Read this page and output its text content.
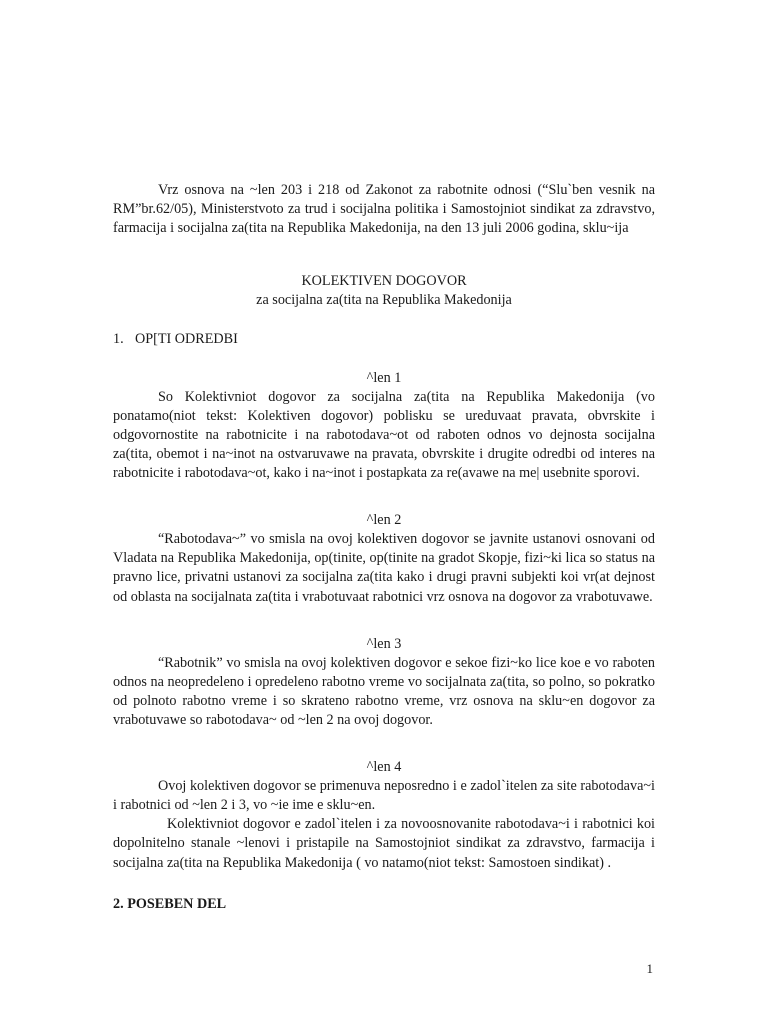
Vrz osnova na ~len 203 i 218 od Zakonot za rabotnite odnosi (“Slu`ben vesnik na RM”br.62/05), Ministerstvoto za trud i socijalna politika i Samostojniot sindikat za zdravstvo, farmacija i socijalna za(tita na Republika Makedonija, na den 13 juli 2006 godina, sklu~ija

KOLEKTIVEN DOGOVOR

za socijalna za(tita na Republika Makedonija

1. OP[TI ODREDBI

^len 1

So Kolektivniot dogovor za socijalna za(tita na Republika Makedonija (vo ponatamo(niot tekst: Kolektiven dogovor) poblisku se ureduvaat pravata, obvrskite i odgovornostite na rabotnicite i na rabotodava~ot od raboten odnos vo dejnosta socijalna za(tita, obemot i na~inot na ostvaruvawe na pravata, obvrskite i drugite odredbi od interes na rabotnicite i rabotodava~ot, kako i na~inot i postapkata za re(avawe na me| usebnite sporovi.

^len 2

“Rabotodava~” vo smisla na ovoj kolektiven dogovor se javnite ustanovi osnovani od Vladata na Republika Makedonija, op(tinite, op(tinite na gradot Skopje, fizi~ki lica so status na pravno lice, privatni ustanovi za socijalna za(tita kako i drugi pravni subjekti koi vr(at dejnost od oblasta na socijalnata za(tita i vrabotuvaat rabotnici vrz osnova na dogovor za vrabotuvawe.

^len 3

“Rabotnik” vo smisla na ovoj kolektiven dogovor e sekoe fizi~ko lice koe e vo raboten odnos na neopredeleno i opredeleno rabotno vreme vo socijalnata za(tita, so polno, so pokratko od polnoto rabotno vreme i so skrateno rabotno vreme, vrz osnova na sklu~en dogovor za vrabotuvawe so rabotodava~ od ~len 2 na ovoj dogovor.

^len 4

Ovoj kolektiven dogovor se primenuva neposredno i e zadol`itelen za site rabotodava~i i rabotnici od ~len 2 i 3, vo ~ie ime e sklu~en.

Kolektivniot dogovor e zadol`itelen i za novoosnovanite rabotodava~i i rabotnici koi dopolnitelno stanale ~lenovi i pristapile na Samostojniot sindikat za zdravstvo, farmacija i socijalna za(tita na Republika Makedonija ( vo natamo(niot tekst: Samostoen sindikat) .

2. POSEBEN DEL

1
